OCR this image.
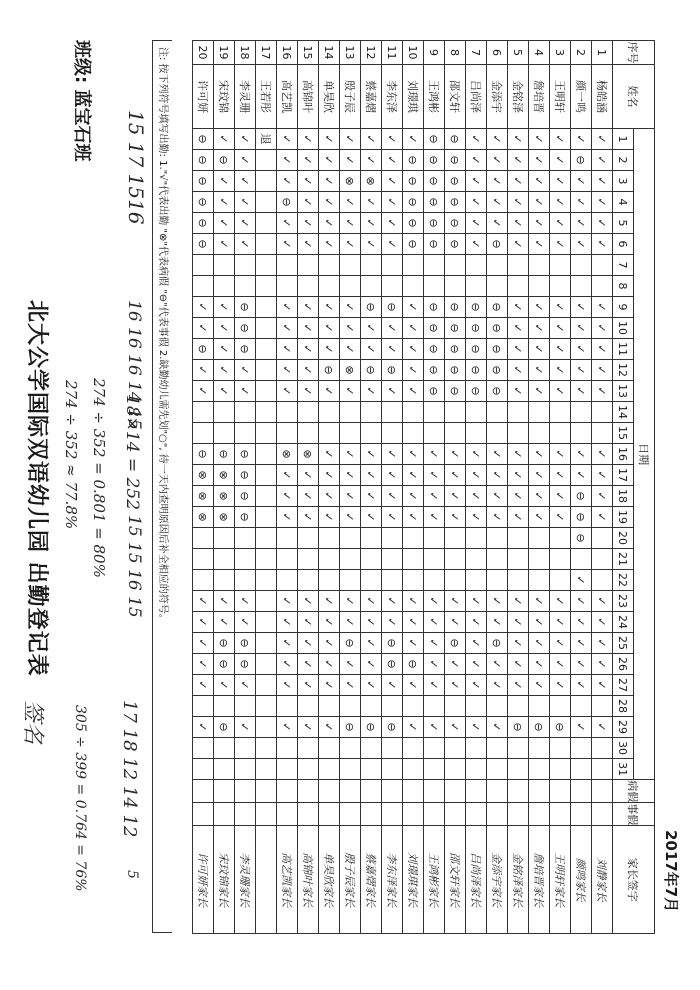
北大公学国际双语幼儿园 出勤登记表
班级: 蓝宝石班
2017年7月
序号	姓名	日期																															病假	事假	家长签字
		1	2	3	4	5	6	7	8	9	10	11	12	13	14	15	16	17	18	19	20	21	22	23	24	25	26	27	28	29	30	31			
1	杨皓涵	✓	✓	✓	✓	✓	✓			✓	✓	✓	✓	✓			✓	✓	✓	✓				✓	✓	✓	✓	✓		✓					刘静家长
2	颜一鸣	✓	⊖	✓	✓	✓	✓			✓	✓	✓	✓	✓			✓	✓	⊖	⊖	⊖		✓	✓	✓	✓	✓	✓		✓					颜鸣家长
3	王明轩	✓	✓	✓	✓	✓	✓			✓	✓	✓	✓	✓			✓	✓	✓	✓				✓	✓	✓	✓	✓		⊖					王明轩家长
4	詹培晋	✓	✓	✓	✓	✓	✓			✓	✓	✓	✓	✓			✓	✓	✓	✓				✓	✓	✓	✓	✓		⊖					詹培晋家长
5	金铭泽	✓	✓	✓	✓	✓	✓			✓	✓	✓	✓	✓			✓	✓	✓	✓				✓	✓	✓	✓	✓		⊖					金铭泽家长
6	金添宇	✓	✓	✓	✓	✓	⊖			⊖	⊖	⊖	⊖	⊖			✓	✓	✓	✓				✓	✓	⊖	✓	✓		✓					金添宇家长
7	吕尚泽	✓	✓	✓	✓	✓	✓			⊖	⊖	⊖	⊖	⊖			✓	✓	✓	✓				✓	✓	✓	✓	✓		✓					吕尚泽家长
8	邵文轩	⊖	⊖	⊖	⊖	⊖	⊖			⊖	⊖	⊖	⊖	⊖			✓	✓	✓	✓				✓	✓	⊖	✓	✓		✓					邵文轩家长
9	王鸿彬	⊖	⊖	⊖	⊖	⊖	⊖			⊖	⊖	⊖	⊖	⊖			✓	✓	✓	✓				✓	✓	✓	✓	✓		✓					王鸿彬家长
10	刘璟琪	✓	⊖	⊖	⊖	⊖	⊖			✓	✓	✓	✓	✓			✓	✓	✓	✓				✓	✓	✓	⊖	✓		✓					刘璟琪家长
11	李东泽	✓	✓	✓	✓	✓	✓			⊖	✓	✓	⊖	✓			✓	✓	✓	✓				✓	✓	⊖	⊖	✓		⊖					李东泽家长
12	蔡嘉熠	✓	✓	⊗	✓	✓	✓			⊖	✓	✓	⊖	✓			✓	✓	✓	✓				✓	✓	✓	✓	✓		⊖					蔡嘉熠家长
13	殷子辰	✓	✓	⊗	✓	✓	✓			✓	✓	✓	⊗	✓			✓	✓	✓	✓				✓	✓	⊖	✓	✓		⊖					殷子辰家长
14	单昊欣	✓	✓	✓	✓	✓	✓			✓	✓	✓	⊖	✓			✓	✓	✓	✓				✓	✓	✓	✓	✓		✓					单昊欣家长
15	高锦叶	✓	✓	✓	✓	✓	✓			✓	✓	✓	✓	✓			⊗	✓	✓	✓				✓	✓	✓	✓	✓		✓					高锦叶家长
16	高艺凯	✓	✓	✓	⊖	✓	✓			✓	✓	✓	✓	✓			⊗	✓	✓	✓				✓	✓	✓	✓	✓		✓					高艺凯家长
17	王若彤	退																																	
18	李灵珊	✓	✓	✓	✓	✓	✓			⊖	⊖	⊖	✓	✓			⊖	⊖	⊖	⊖				✓	✓	⊖	⊖	✓		✓					李灵珊家长
19	宋玟锦	✓	⊖	✓	✓	✓	✓			✓	✓	✓	✓	✓			⊖	⊗	⊗	⊗				✓	✓	⊖	⊖	✓		⊖					宋玟锦家长
20	许可妍	⊖	⊖	⊖	⊖	⊖	⊖			✓	✓	⊖	✓	✓			⊖	⊗	⊗	⊗				✓	✓	✓	✓	✓		✓					许可妍家长
注: 按下列符号填写出勤: 1."√"代表出勤 "⊗"代表病假 "⊖"代表事假 2.缺勤幼儿需先划"○", 待一天内查明原因后补全相应的符号。
15 17 1516
16 16 16 14 15
18×14 = 252
15 15 16 15
17 18 12 14 12
5
274 ÷ 352 = 0.801 = 80%
274 ÷ 352 ≈ 77.8%
305 ÷ 399 = 0.764 = 76%
签名
